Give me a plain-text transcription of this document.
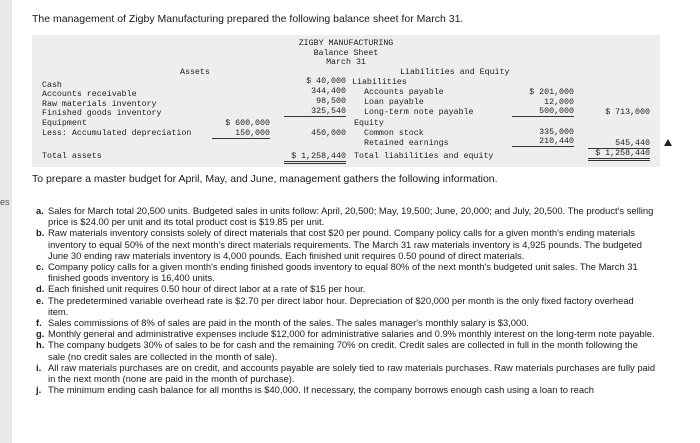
es
The management of Zigby Manufacturing prepared the following balance sheet for March 31.
ZIGBY MANUFACTURING
Balance Sheet
March 31
Assets	Liabilities and Equity
Cash
Accounts receivable
Raw materials inventory
Finished goods inventory
Equipment
Less: Accumulated depreciation
Total assets
$ 600,000
150,000
$ 40,000
344,400
98,500
325,540
450,000
$ 1,258,440
Liabilities
Accounts payable
Loan payable
Long-term note payable
Equity
Common stock
Retained earnings
Total liabilities and equity
$ 201,000
12,000
500,000
335,000
210,440
$ 713,000
545,440
$ 1,258,440
To prepare a master budget for April, May, and June, management gathers the following information.
a. Sales for March total 20,500 units. Budgeted sales in units follow: April, 20,500; May, 19,500; June, 20,000; and July, 20,500. The product's selling price is $24.00 per unit and its total product cost is $19.85 per unit.
b. Raw materials inventory consists solely of direct materials that cost $20 per pound. Company policy calls for a given month's ending materials inventory to equal 50% of the next month's direct materials requirements. The March 31 raw materials inventory is 4,925 pounds. The budgeted June 30 ending raw materials inventory is 4,000 pounds. Each finished unit requires 0.50 pound of direct materials.
c. Company policy calls for a given month's ending finished goods inventory to equal 80% of the next month's budgeted unit sales. The March 31 finished goods inventory is 16,400 units.
d. Each finished unit requires 0.50 hour of direct labor at a rate of $15 per hour.
e. The predetermined variable overhead rate is $2.70 per direct labor hour. Depreciation of $20,000 per month is the only fixed factory overhead item.
f. Sales commissions of 8% of sales are paid in the month of the sales. The sales manager's monthly salary is $3,000.
g. Monthly general and administrative expenses include $12,000 for administrative salaries and 0.9% monthly interest on the long-term note payable.
h. The company budgets 30% of sales to be for cash and the remaining 70% on credit. Credit sales are collected in full in the month following the sale (no credit sales are collected in the month of sale).
i. All raw materials purchases are on credit, and accounts payable are solely tied to raw materials purchases. Raw materials purchases are fully paid in the next month (none are paid in the month of purchase).
j. The minimum ending cash balance for all months is $40,000. If necessary, the company borrows enough cash using a loan to reach
